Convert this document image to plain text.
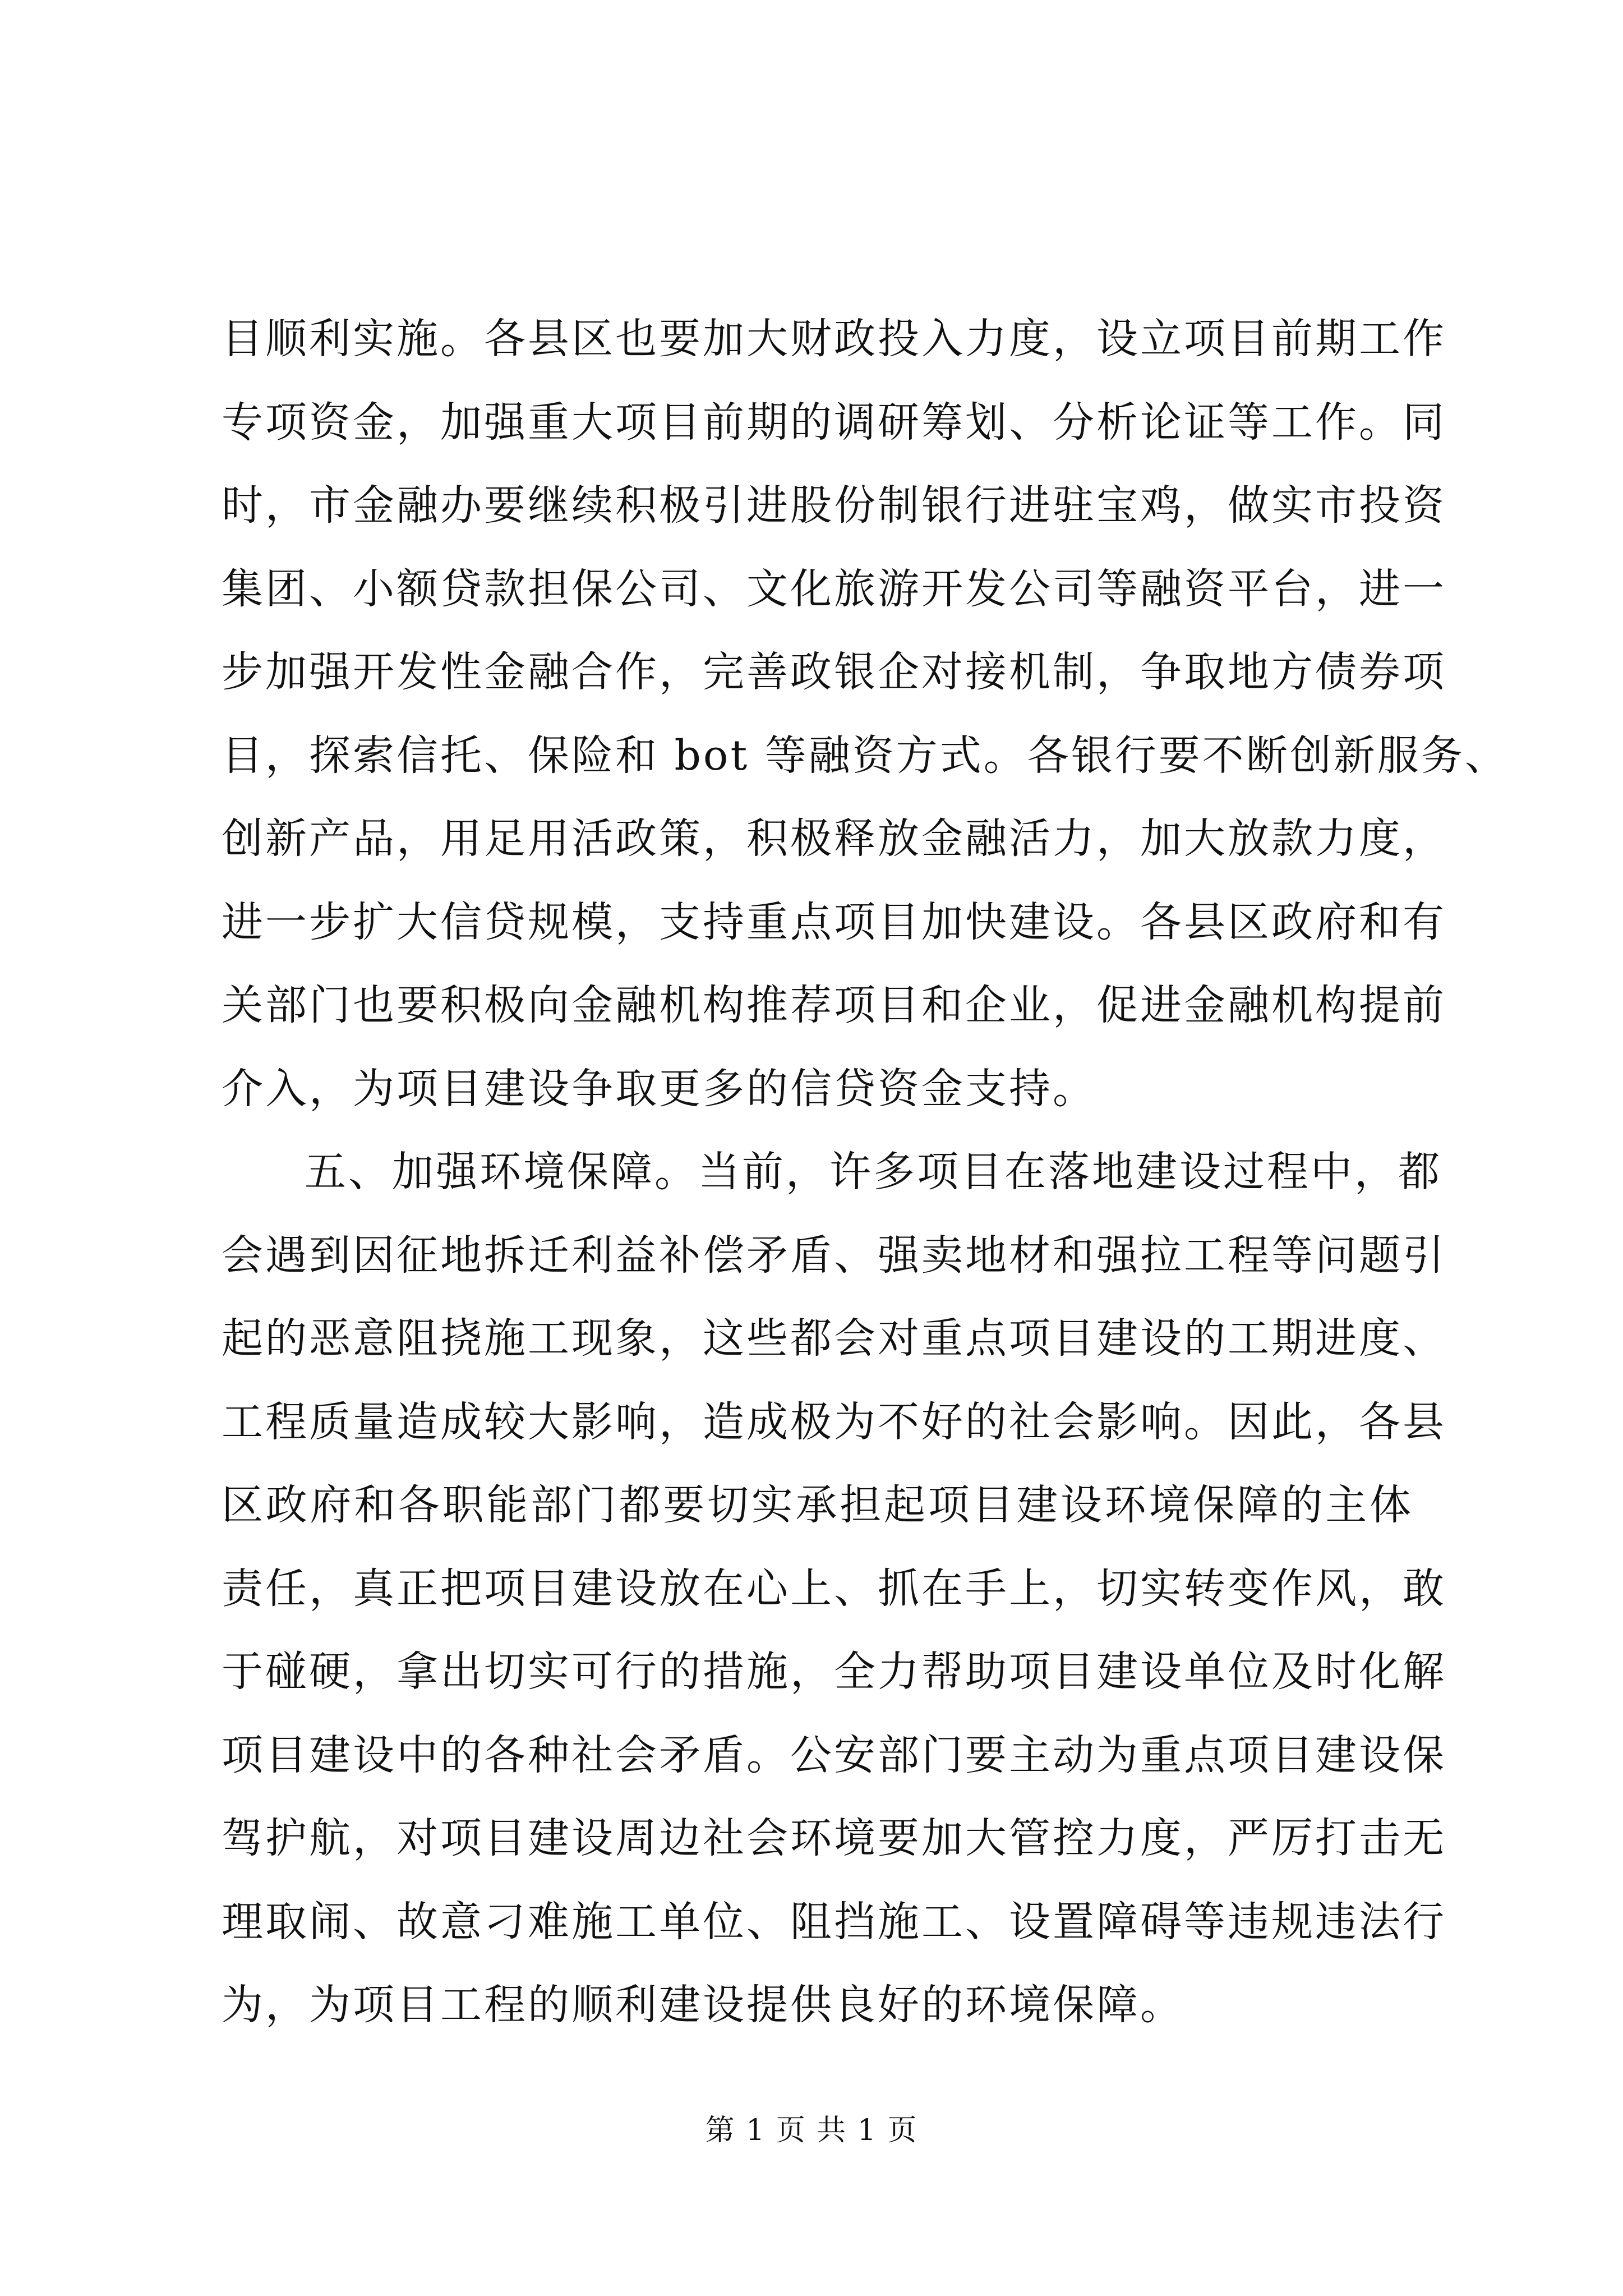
目顺利实施。各县区也要加大财政投入力度，设立项目前期工作
专项资金，加强重大项目前期的调研筹划、分析论证等工作。同
时，市金融办要继续积极引进股份制银行进驻宝鸡，做实市投资
集团、小额贷款担保公司、文化旅游开发公司等融资平台，进一
步加强开发性金融合作，完善政银企对接机制，争取地方债券项
目，探索信托、保险和 bot 等融资方式。各银行要不断创新服务、
创新产品，用足用活政策，积极释放金融活力，加大放款力度，
进一步扩大信贷规模，支持重点项目加快建设。各县区政府和有
关部门也要积极向金融机构推荐项目和企业，促进金融机构提前
介入，为项目建设争取更多的信贷资金支持。
五、加强环境保障。当前，许多项目在落地建设过程中，都
会遇到因征地拆迁利益补偿矛盾、强卖地材和强拉工程等问题引
起的恶意阻挠施工现象，这些都会对重点项目建设的工期进度、
工程质量造成较大影响，造成极为不好的社会影响。因此，各县
区政府和各职能部门都要切实承担起项目建设环境保障的主体
责任，真正把项目建设放在心上、抓在手上，切实转变作风，敢
于碰硬，拿出切实可行的措施，全力帮助项目建设单位及时化解
项目建设中的各种社会矛盾。公安部门要主动为重点项目建设保
驾护航，对项目建设周边社会环境要加大管控力度，严厉打击无
理取闹、故意刁难施工单位、阻挡施工、设置障碍等违规违法行
为，为项目工程的顺利建设提供良好的环境保障。
第 1 页 共 1 页
